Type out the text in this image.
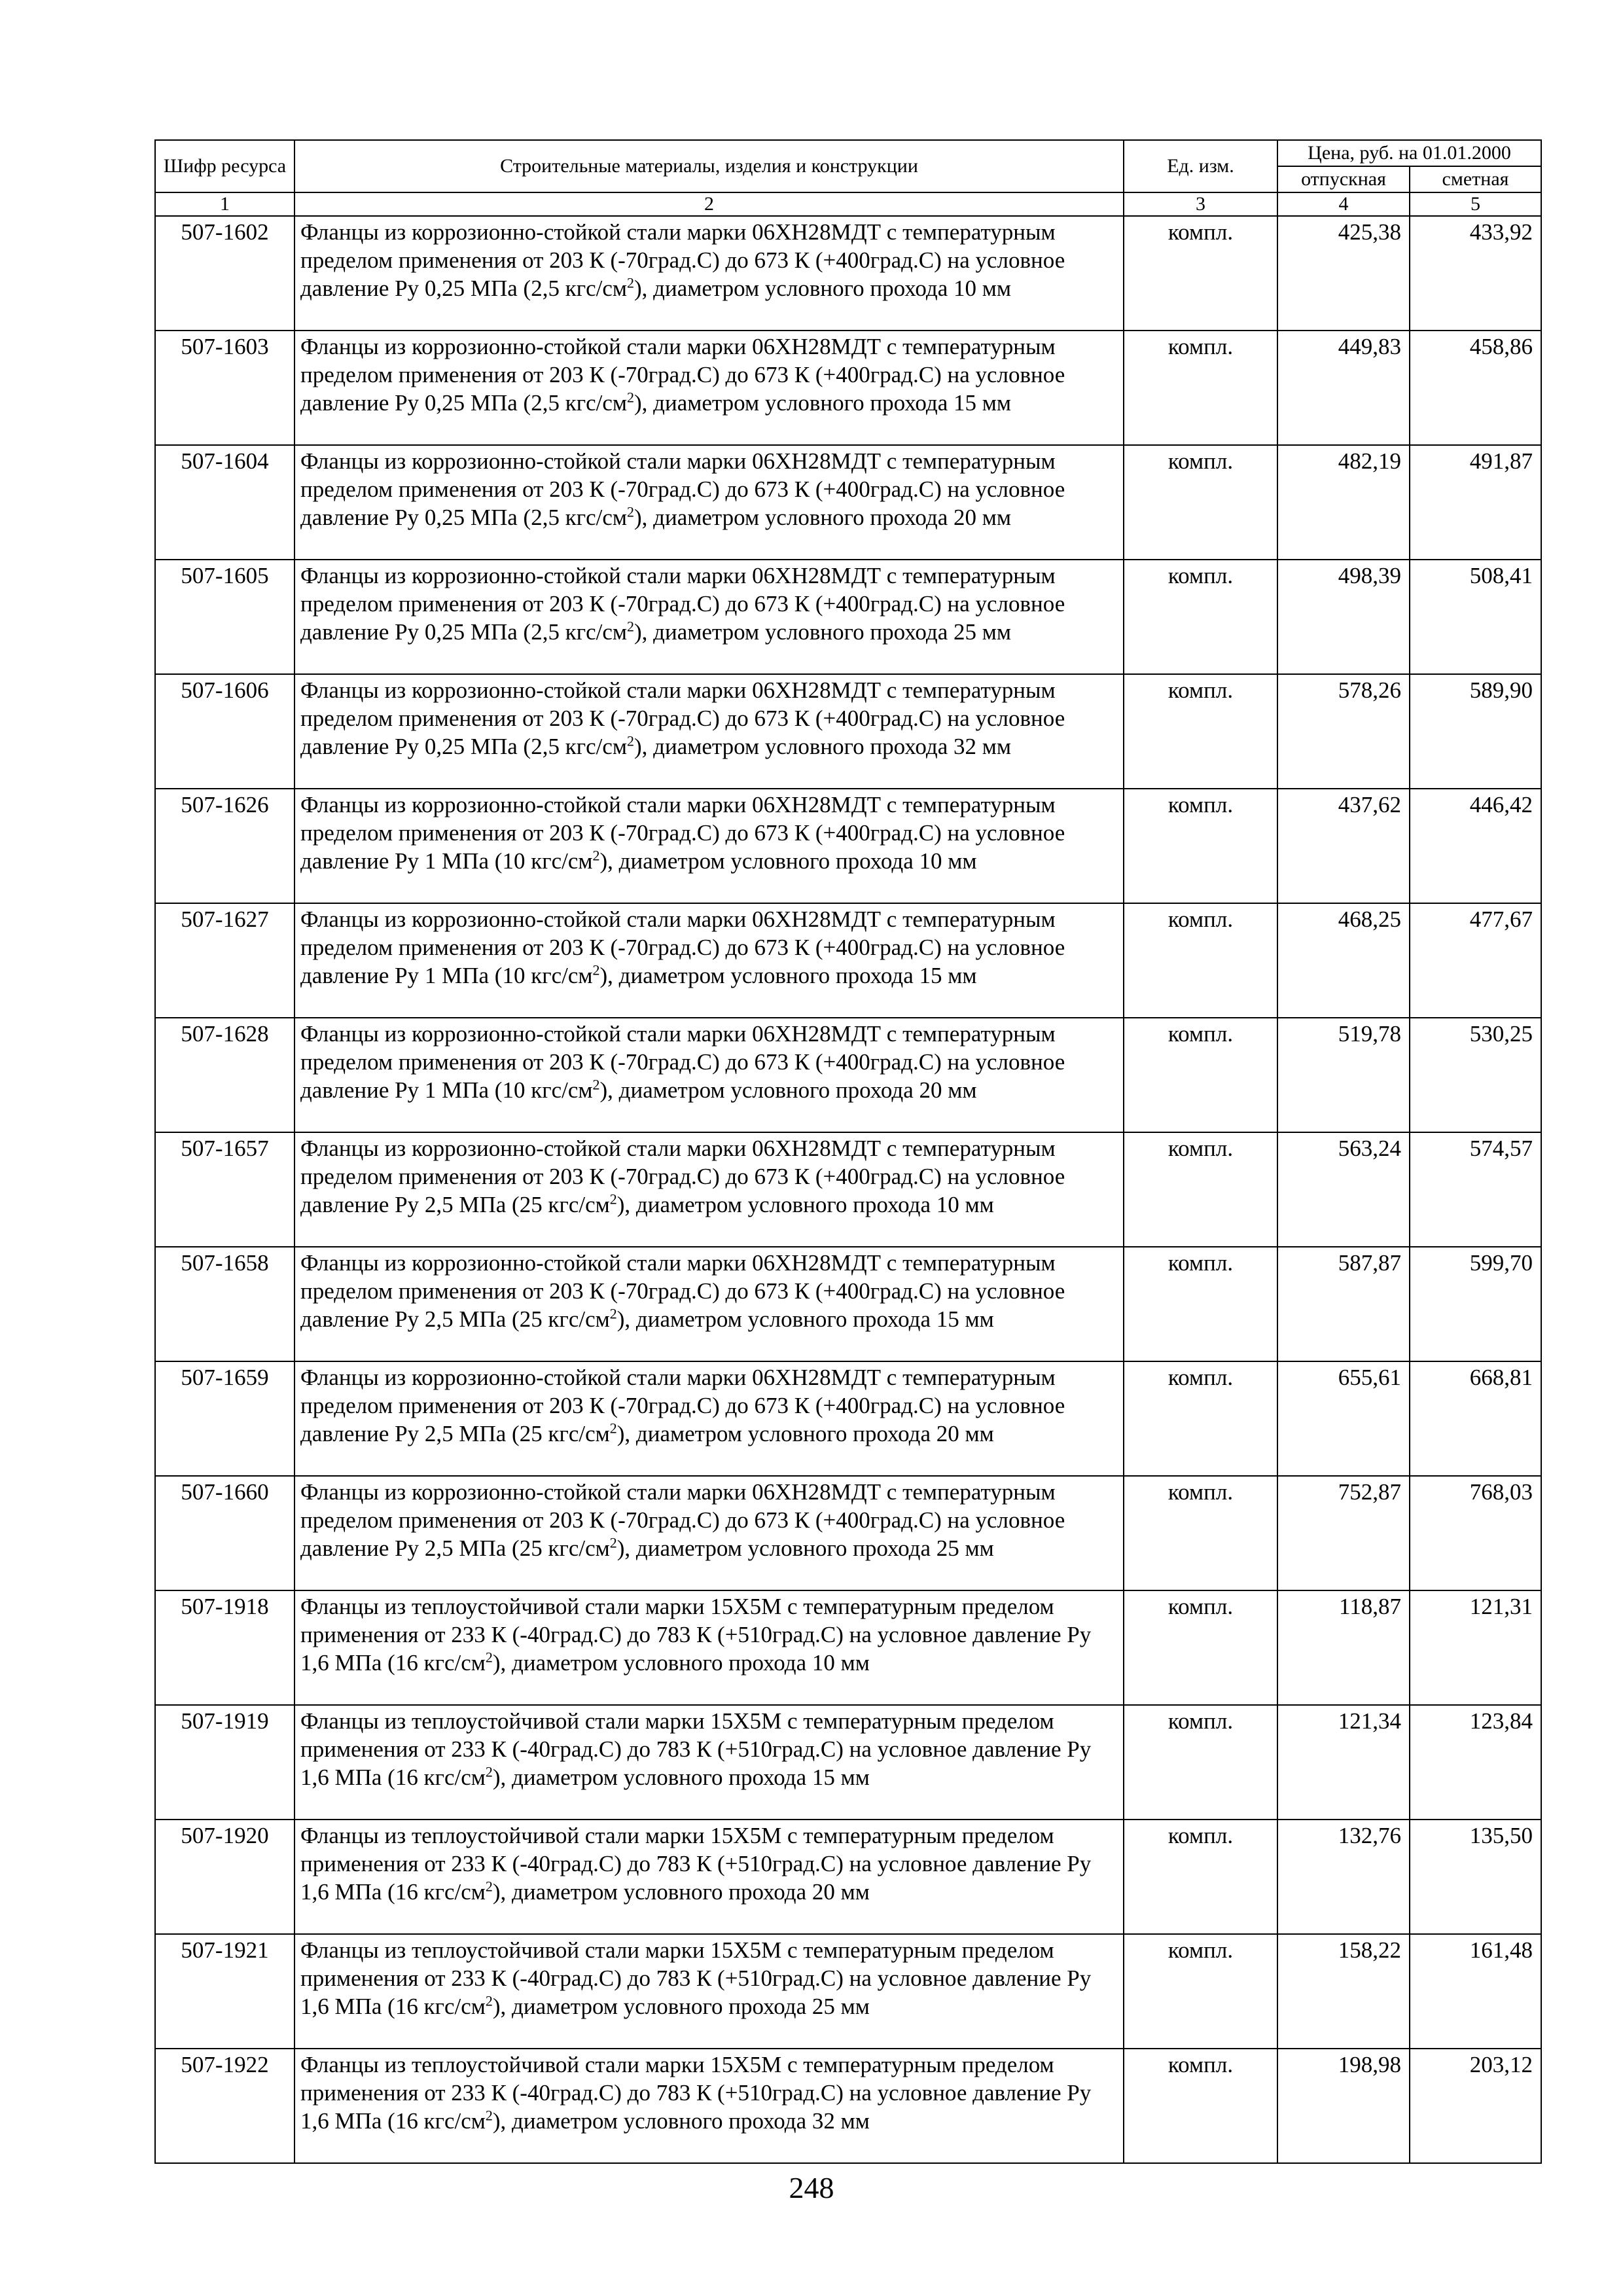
Шифр ресурса	Строительные материалы, изделия и конструкции	Ед. изм.	Цена, руб. на 01.01.2000	
			отпускная	сметная
1	2	3	4	5
507-1602	Фланцы из коррозионно-стойкой стали марки 06ХН28МДТ с температурным пределом применения от 203 К (-70град.С) до 673 К (+400град.С) на условное давление Ру 0,25 МПа (2,5 кгс/$см^2$), диаметром условного прохода 10 мм	компл.	425,38	433,92
507-1603	Фланцы из коррозионно-стойкой стали марки 06ХН28МДТ с температурным пределом применения от 203 К (-70град.С) до 673 К (+400град.С) на условное давление Ру 0,25 МПа (2,5 кгс/$см^2$), диаметром условного прохода 15 мм	компл.	449,83	458,86
507-1604	Фланцы из коррозионно-стойкой стали марки 06ХН28МДТ с температурным пределом применения от 203 К (-70град.С) до 673 К (+400град.С) на условное давление Ру 0,25 МПа (2,5 кгс/$см^2$), диаметром условного прохода 20 мм	компл.	482,19	491,87
507-1605	Фланцы из коррозионно-стойкой стали марки 06ХН28МДТ с температурным пределом применения от 203 К (-70град.С) до 673 К (+400град.С) на условное давление Ру 0,25 МПа (2,5 кгс/$см^2$), диаметром условного прохода 25 мм	компл.	498,39	508,41
507-1606	Фланцы из коррозионно-стойкой стали марки 06ХН28МДТ с температурным пределом применения от 203 К (-70град.С) до 673 К (+400град.С) на условное давление Ру 0,25 МПа (2,5 кгс/$см^2$), диаметром условного прохода 32 мм	компл.	578,26	589,90
507-1626	Фланцы из коррозионно-стойкой стали марки 06ХН28МДТ с температурным пределом применения от 203 К (-70град.С) до 673 К (+400град.С) на условное давление Ру 1 МПа (10 кгс/$см^2$), диаметром условного прохода 10 мм	компл.	437,62	446,42
507-1627	Фланцы из коррозионно-стойкой стали марки 06ХН28МДТ с температурным пределом применения от 203 К (-70град.С) до 673 К (+400град.С) на условное давление Ру 1 МПа (10 кгс/$см^2$), диаметром условного прохода 15 мм	компл.	468,25	477,67
507-1628	Фланцы из коррозионно-стойкой стали марки 06ХН28МДТ с температурным пределом применения от 203 К (-70град.С) до 673 К (+400град.С) на условное давление Ру 1 МПа (10 кгс/$см^2$), диаметром условного прохода 20 мм	компл.	519,78	530,25
507-1657	Фланцы из коррозионно-стойкой стали марки 06ХН28МДТ с температурным пределом применения от 203 К (-70град.С) до 673 К (+400град.С) на условное давление Ру 2,5 МПа (25 кгс/$см^2$), диаметром условного прохода 10 мм	компл.	563,24	574,57
507-1658	Фланцы из коррозионно-стойкой стали марки 06ХН28МДТ с температурным пределом применения от 203 К (-70град.С) до 673 К (+400град.С) на условное давление Ру 2,5 МПа (25 кгс/$см^2$), диаметром условного прохода 15 мм	компл.	587,87	599,70
507-1659	Фланцы из коррозионно-стойкой стали марки 06ХН28МДТ с температурным пределом применения от 203 К (-70град.С) до 673 К (+400град.С) на условное давление Ру 2,5 МПа (25 кгс/$см^2$), диаметром условного прохода 20 мм	компл.	655,61	668,81
507-1660	Фланцы из коррозионно-стойкой стали марки 06ХН28МДТ с температурным пределом применения от 203 К (-70град.С) до 673 К (+400град.С) на условное давление Ру 2,5 МПа (25 кгс/$см^2$), диаметром условного прохода 25 мм	компл.	752,87	768,03
507-1918	Фланцы из теплоустойчивой стали марки 15Х5М с температурным пределом применения от 233 К (-40град.С) до 783 К (+510град.С) на условное давление Ру 1,6 МПа (16 кгс/$см^2$), диаметром условного прохода 10 мм	компл.	118,87	121,31
507-1919	Фланцы из теплоустойчивой стали марки 15Х5М с температурным пределом применения от 233 К (-40град.С) до 783 К (+510град.С) на условное давление Ру 1,6 МПа (16 кгс/$см^2$), диаметром условного прохода 15 мм	компл.	121,34	123,84
507-1920	Фланцы из теплоустойчивой стали марки 15Х5М с температурным пределом применения от 233 К (-40град.С) до 783 К (+510град.С) на условное давление Ру 1,6 МПа (16 кгс/$см^2$), диаметром условного прохода 20 мм	компл.	132,76	135,50
507-1921	Фланцы из теплоустойчивой стали марки 15Х5М с температурным пределом применения от 233 К (-40град.С) до 783 К (+510град.С) на условное давление Ру 1,6 МПа (16 кгс/$см^2$), диаметром условного прохода 25 мм	компл.	158,22	161,48
507-1922	Фланцы из теплоустойчивой стали марки 15Х5М с температурным пределом применения от 233 К (-40град.С) до 783 К (+510град.С) на условное давление Ру 1,6 МПа (16 кгс/$см^2$), диаметром условного прохода 32 мм	компл.	198,98	203,12
248
